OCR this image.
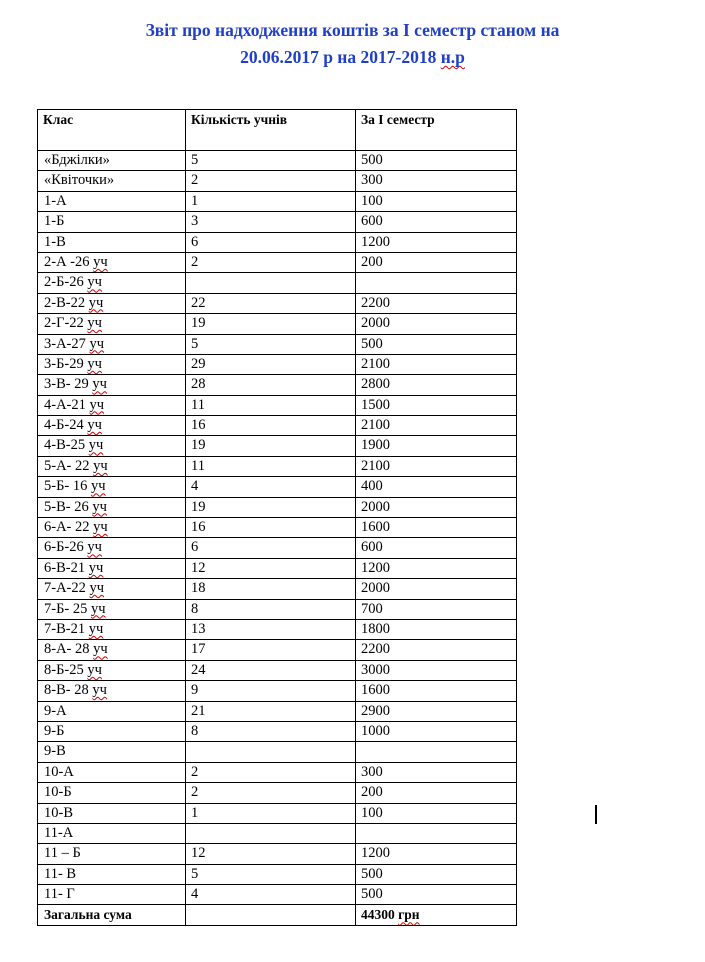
Звіт про надходження коштів за І семестр станом на
20.06.2017 р на 2017-2018 н.р
Клас	Кількість учнів	За І семестр
«Бджілки»	5	500
«Квіточки»	2	300
1-А	1	100
1-Б	3	600
1-В	6	1200
2-А -26 уч	2	200
2-Б-26 уч		
2-В-22 уч	22	2200
2-Г-22 уч	19	2000
3-А-27 уч	5	500
3-Б-29 уч	29	2100
3-В- 29 уч	28	2800
4-А-21 уч	11	1500
4-Б-24 уч	16	2100
4-В-25 уч	19	1900
5-А- 22 уч	11	2100
5-Б- 16 уч	4	400
5-В- 26 уч	19	2000
6-А- 22 уч	16	1600
6-Б-26 уч	6	600
6-В-21 уч	12	1200
7-А-22 уч	18	2000
7-Б- 25 уч	8	700
7-В-21 уч	13	1800
8-А- 28 уч	17	2200
8-Б-25 уч	24	3000
8-В- 28 уч	9	1600
9-А	21	2900
9-Б	8	1000
9-В		
10-А	2	300
10-Б	2	200
10-В	1	100
11-А		
11 – Б	12	1200
11- В	5	500
11- Г	4	500
Загальна сума		44300 грн
